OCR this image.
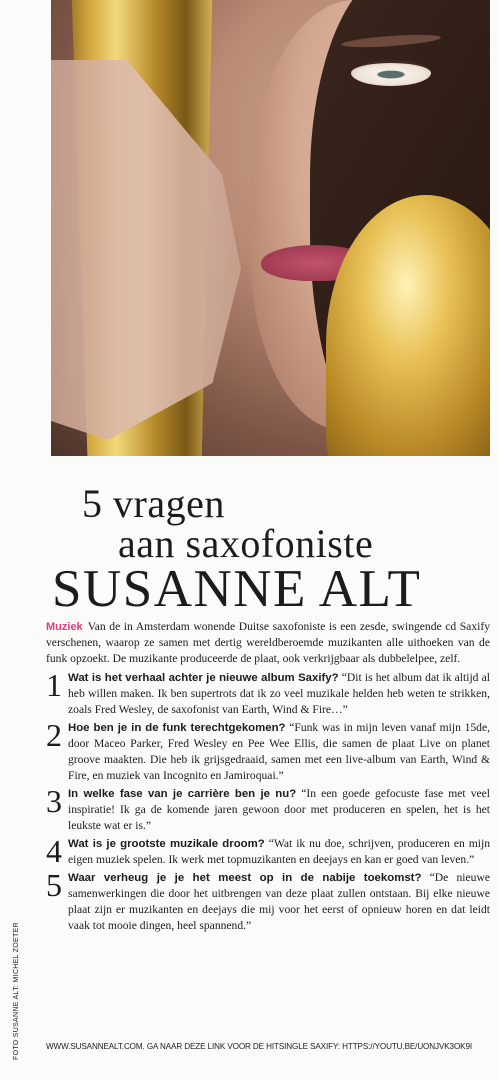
5 vragen
aan saxofoniste
SUSANNE ALT

Muziek Van de in Amsterdam wonende Duitse saxofoniste is een zesde, swingende cd Saxify verschenen, waarop ze samen met dertig wereldberoemde muzikanten alle uithoeken van de funk opzoekt. De muzikante produceerde de plaat, ook verkrijgbaar als dubbelelpee, zelf.

1 Wat is het verhaal achter je nieuwe album Saxify? “Dit is het album dat ik altijd al heb willen maken. Ik ben supertrots dat ik zo veel muzikale helden heb weten te strikken, zoals Fred Wesley, de saxofonist van Earth, Wind & Fire…”
2 Hoe ben je in de funk terechtgekomen? “Funk was in mijn leven vanaf mijn 15de, door Maceo Parker, Fred Wesley en Pee Wee Ellis, die samen de plaat Live on planet groove maakten. Die heb ik grijsgedraaid, samen met een live-album van Earth, Wind & Fire, en muziek van Incognito en Jamiroquai.”
3 In welke fase van je carrière ben je nu? “In een goede gefocuste fase met veel inspiratie! Ik ga de komende jaren gewoon door met produceren en spelen, het is het leukste wat er is.”
4 Wat is je grootste muzikale droom? “Wat ik nu doe, schrijven, produceren en mijn eigen muziek spelen. Ik werk met topmuzikanten en deejays en kan er goed van leven.”
5 Waar verheug je je het meest op in de nabije toekomst? “De nieuwe samenwerkingen die door het uitbrengen van deze plaat zullen ontstaan. Bij elke nieuwe plaat zijn er muzikanten en deejays die mij voor het eerst of opnieuw horen en dat leidt vaak tot mooie dingen, heel spannend.”
WWW.SUSANNEALT.COM. GA NAAR DEZE LINK VOOR DE HITSINGLE SAXIFY: HTTPS://YOUTU.BE/UONJVK3OK9I
FOTO SUSANNE ALT: MICHEL ZOETER
